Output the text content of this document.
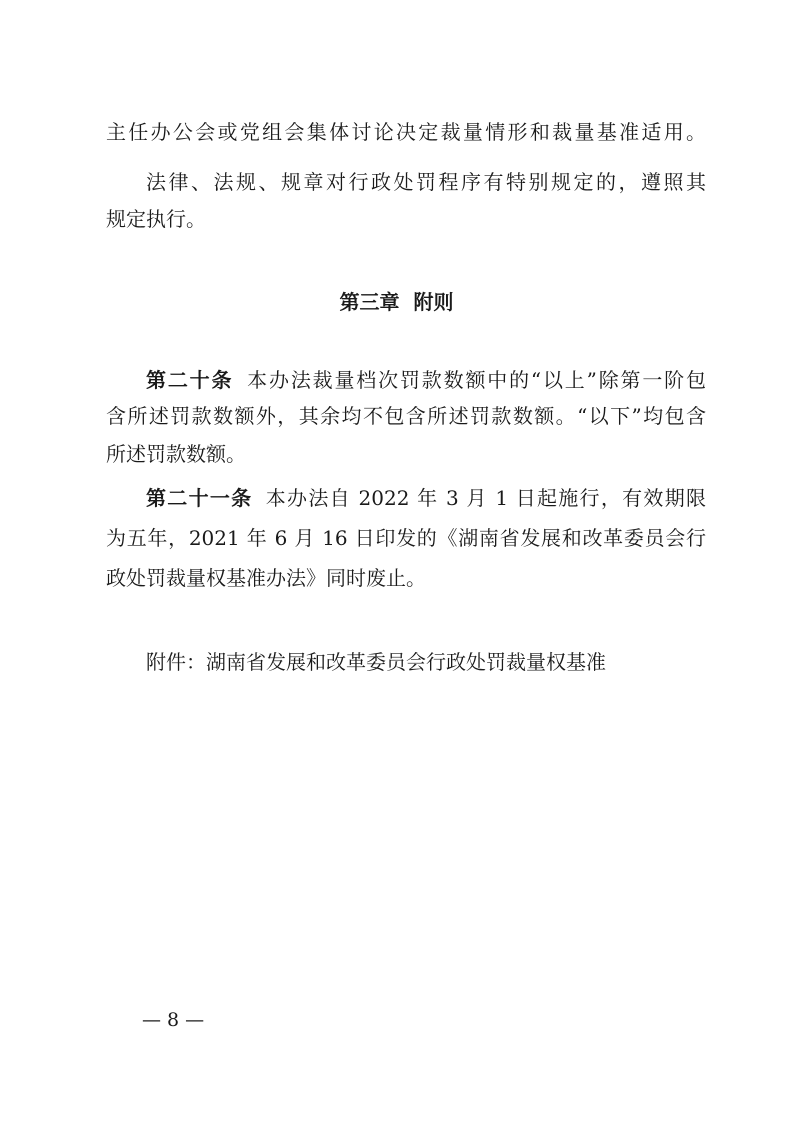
主任办公会或党组会集体讨论决定裁量情形和裁量基准适用。
法律、法规、规章对行政处罚程序有特别规定的，遵照其
规定执行。
第三章 附则
第二十条 本办法裁量档次罚款数额中的“以上”除第一阶包
含所述罚款数额外，其余均不包含所述罚款数额。“以下”均包含
所述罚款数额。
第二十一条 本办法自 2022 年 3 月 1 日起施行，有效期限
为五年，2021 年 6 月 16 日印发的《湖南省发展和改革委员会行
政处罚裁量权基准办法》同时废止。
附件：湖南省发展和改革委员会行政处罚裁量权基准
— 8 —
